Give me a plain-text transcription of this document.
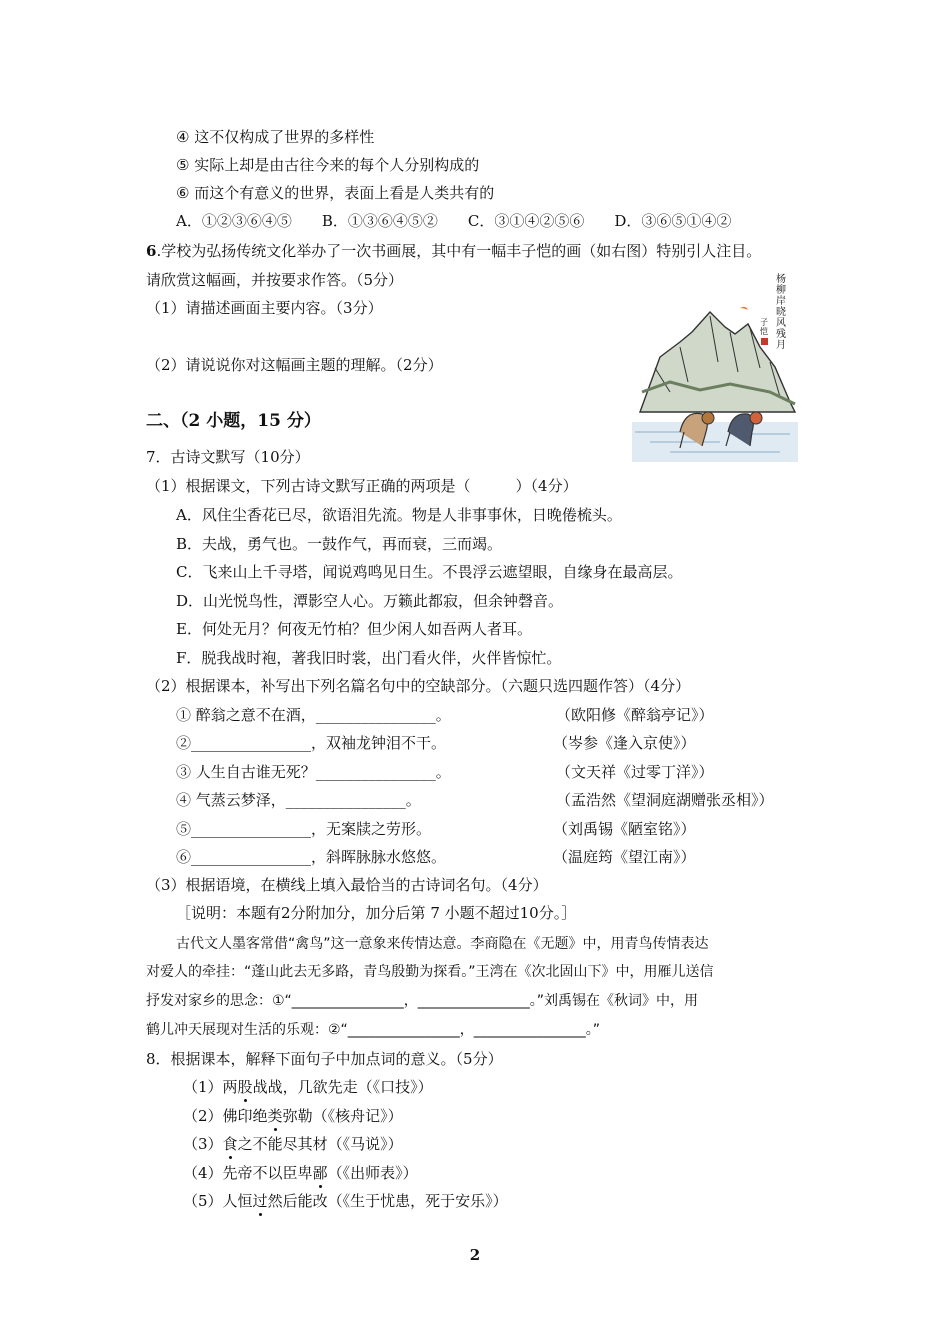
④ 这不仅构成了世界的多样性
⑤ 实际上却是由古往今来的每个人分别构成的
⑥ 而这个有意义的世界，表面上看是人类共有的
A．①②③⑥④⑤　　B．①③⑥④⑤②　　C．③①④②⑤⑥　　D．③⑥⑤①④②
6.学校为弘扬传统文化举办了一次书画展，其中有一幅丰子恺的画（如右图）特别引人注目。
请欣赏这幅画，并按要求作答。（5分）
（1）请描述画面主要内容。（3分）
（2）请说说你对这幅画主题的理解。（2分）
杨柳岸晓风残月
子恺
二、（2 小题，15 分）
7．古诗文默写（10分）
（1）根据课文，下列古诗文默写正确的两项是（　　　）（4分）
A．风住尘香花已尽，欲语泪先流。物是人非事事休，日晚倦梳头。
B．夫战，勇气也。一鼓作气，再而衰，三而竭。
C．飞来山上千寻塔，闻说鸡鸣见日生。不畏浮云遮望眼，自缘身在最高层。
D．山光悦鸟性，潭影空人心。万籁此都寂，但余钟磬音。
E．何处无月？何夜无竹柏？但少闲人如吾两人者耳。
F．脱我战时袍，著我旧时裳，出门看火伴，火伴皆惊忙。
（2）根据课本，补写出下列名篇名句中的空缺部分。（六题只选四题作答）（4分）
① 醉翁之意不在酒，________________。	（欧阳修《醉翁亭记》）
②________________，双袖龙钟泪不干。	（岑参《逢入京使》）
③ 人生自古谁无死？________________。	（文天祥《过零丁洋》）
④ 气蒸云梦泽，________________。	（孟浩然《望洞庭湖赠张丞相》）
⑤________________，无案牍之劳形。	（刘禹锡《陋室铭》）
⑥________________，斜晖脉脉水悠悠。	（温庭筠《望江南》）
（3）根据语境，在横线上填入最恰当的古诗词名句。（4分）
［说明：本题有2分附加分，加分后第 7 小题不超过10分。］
古代文人墨客常借“禽鸟”这一意象来传情达意。李商隐在《无题》中，用青鸟传情表达
对爱人的牵挂：“蓬山此去无多路，青鸟殷勤为探看。”王湾在《次北固山下》中，用雁儿送信
抒发对家乡的思念：①“________________，________________。”刘禹锡在《秋词》中，用
鹤儿冲天展现对生活的乐观：②“________________，________________。”
8．根据课本，解释下面句子中加点词的意义。（5分）
（1）两股战战，几欲先走（《口技》）
（2）佛印绝类弥勒（《核舟记》）
（3）食之不能尽其材（《马说》）
（4）先帝不以臣卑鄙（《出师表》）
（5）人恒过然后能改（《生于忧患，死于安乐》）
2
